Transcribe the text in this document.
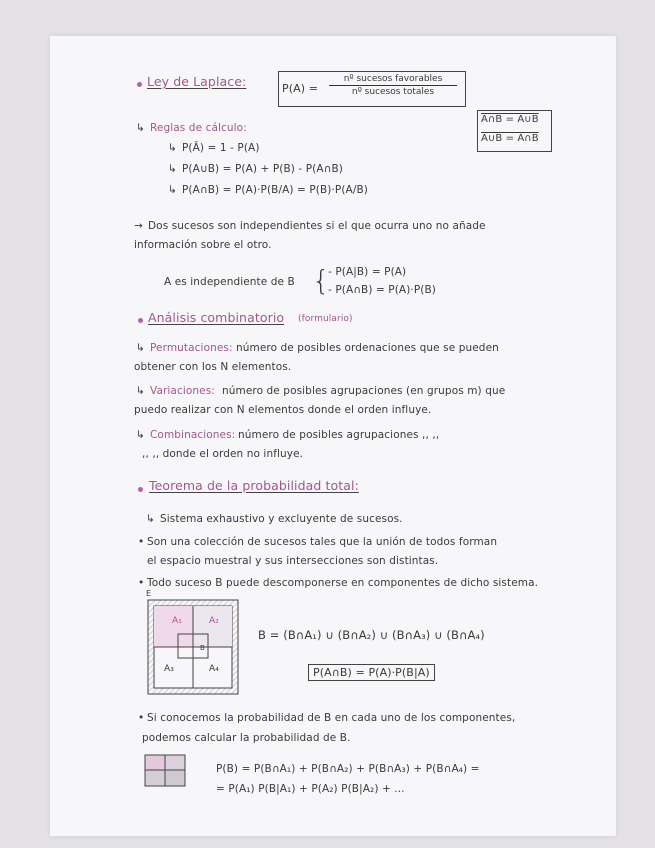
Ley de Laplace:	P(A) =
nº sucesos favorables
nº sucesos totales
A∩B = A∪B
A∪B = A∩B
↳ Reglas de cálculo:
↳ P(Ā) = 1 - P(A)
↳ P(A∪B) = P(A) + P(B) - P(A∩B)
↳ P(A∩B) = P(A)·P(B/A) = P(B)·P(A/B)
→ Dos sucesos son independientes si el que ocurra uno no añade
información sobre el otro.
A es independiente de B {
- P(A|B) = P(A)
- P(A∩B) = P(A)·P(B)
Análisis combinatorio (formulario)
↳ Permutaciones: número de posibles ordenaciones que se pueden
obtener con los N elementos.
↳ Variaciones: número de posibles agrupaciones (en grupos m) que
puedo realizar con N elementos donde el orden influye.
↳ Combinaciones: número de posibles agrupaciones ,, ,,
,, ,, donde el orden no influye.
Teorema de la probabilidad total:
↳ Sistema exhaustivo y excluyente de sucesos.
• Son una colección de sucesos tales que la unión de todos forman
el espacio muestral y sus intersecciones son distintas.
• Todo suceso B puede descomponerse en componentes de dicho sistema.
E
A₁	A₂
A₃	A₄
B
B = (B∩A₁) ∪ (B∩A₂) ∪ (B∩A₃) ∪ (B∩A₄)
P(A∩B) = P(A)·P(B|A)
• Si conocemos la probabilidad de B en cada uno de los componentes,
podemos calcular la probabilidad de B.
P(B) = P(B∩A₁) + P(B∩A₂) + P(B∩A₃) + P(B∩A₄) =
= P(A₁) P(B|A₁) + P(A₂) P(B|A₂) + ...
